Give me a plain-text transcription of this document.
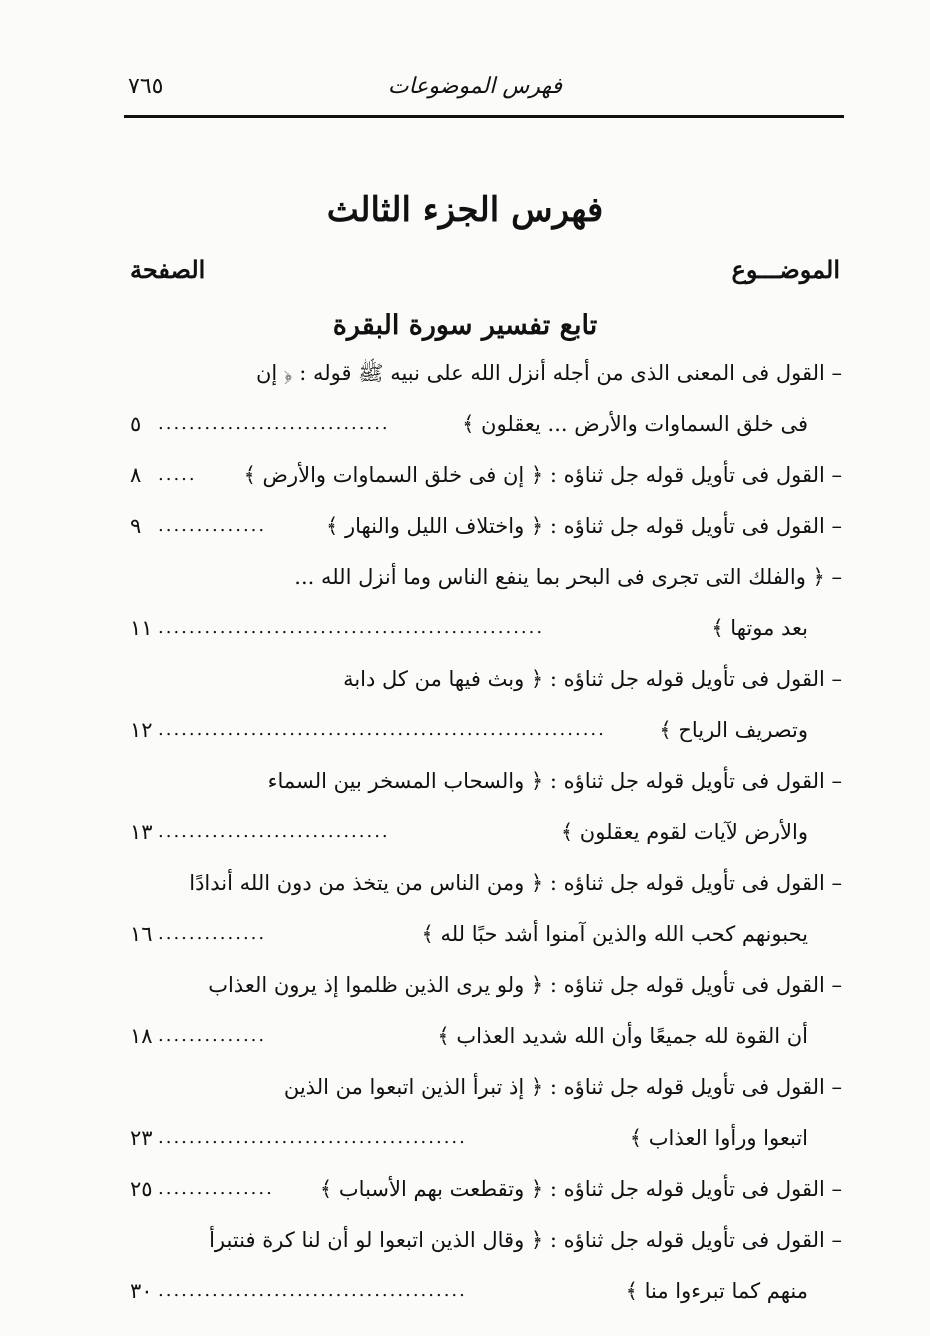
فهرس الموضوعات
٧٦٥
فهرس الجزء الثالث
الموضـــوع
الصفحة
تابع تفسير سورة البقرة
– القول فى المعنى الذى من أجله أنزل الله على نبيه ﷺ قوله : ﴿ إن
فى خلق السماوات والأرض ... يعقلون ﴾
..............................
٥
– القول فى تأويل قوله جل ثناؤه : ﴿ إن فى خلق السماوات والأرض ﴾
.....
٨
– القول فى تأويل قوله جل ثناؤه : ﴿ واختلاف الليل والنهار ﴾
..............
٩
– ﴿ والفلك التى تجرى فى البحر بما ينفع الناس وما أنزل الله ...
بعد موتها ﴾
..................................................
١١
– القول فى تأويل قوله جل ثناؤه : ﴿ وبث فيها من كل دابة
وتصريف الرياح ﴾
..........................................................
١٢
– القول فى تأويل قوله جل ثناؤه : ﴿ والسحاب المسخر بين السماء
والأرض لآيات لقوم يعقلون ﴾
..............................
١٣
– القول فى تأويل قوله جل ثناؤه : ﴿ ومن الناس من يتخذ من دون الله أندادًا
يحبونهم كحب الله والذين آمنوا أشد حبًا لله ﴾
..............
١٦
– القول فى تأويل قوله جل ثناؤه : ﴿ ولو يرى الذين ظلموا إذ يرون العذاب
أن القوة لله جميعًا وأن الله شديد العذاب ﴾
..............
١٨
– القول فى تأويل قوله جل ثناؤه : ﴿ إذ تبرأ الذين اتبعوا من الذين
اتبعوا ورأوا العذاب ﴾
........................................
٢٣
– القول فى تأويل قوله جل ثناؤه : ﴿ وتقطعت بهم الأسباب ﴾
...............
٢٥
– القول فى تأويل قوله جل ثناؤه : ﴿ وقال الذين اتبعوا لو أن لنا كرة فنتبرأ
منهم كما تبرءوا منا ﴾
........................................
٣٠
